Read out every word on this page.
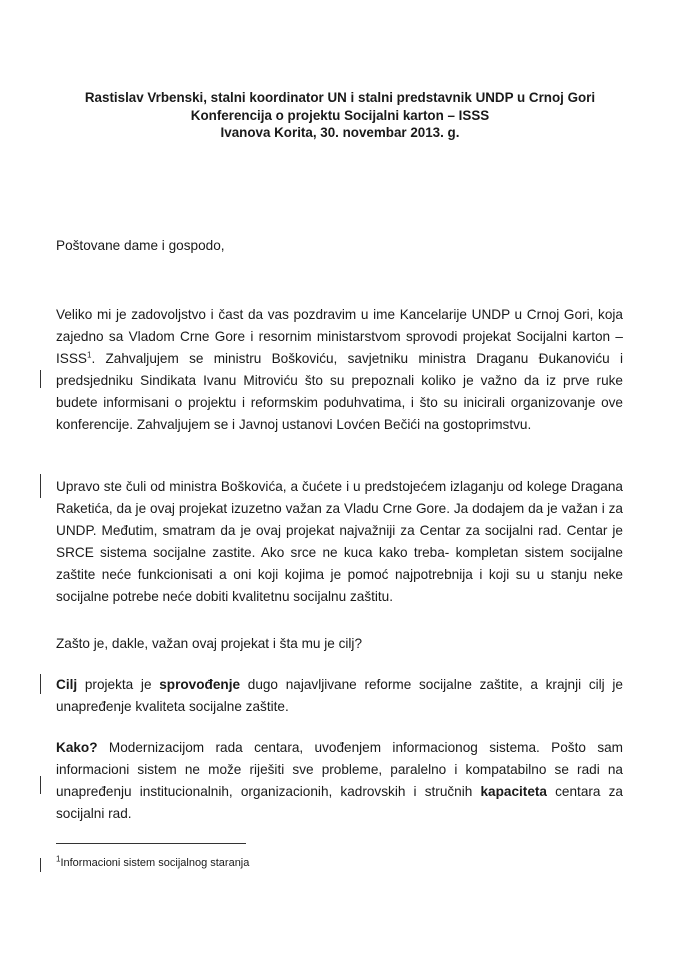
Rastislav Vrbenski, stalni koordinator UN i stalni predstavnik UNDP u Crnoj Gori
Konferencija o projektu Socijalni karton – ISSS
Ivanova Korita, 30. novembar 2013. g.
Poštovane dame i gospodo,
Veliko mi je zadovoljstvo i čast da vas pozdravim u ime Kancelarije UNDP u Crnoj Gori, koja zajedno sa Vladom Crne Gore i resornim ministarstvom sprovodi projekat Socijalni karton – ISSS$^1$. Zahvaljujem se ministru Boškoviću, savjetniku ministra Draganu Đukanoviću i predsjedniku Sindikata Ivanu Mitroviću što su prepoznali koliko je važno da iz prve ruke budete informisani o projektu i reformskim poduhvatima, i što su inicirali organizovanje ove konferencije. Zahvaljujem se i Javnoj ustanovi Lovćen Bečići na gostoprimstvu.
Upravo ste čuli od ministra Boškovića, a čućete i u predstojećem izlaganju od kolege Dragana Raketića, da je ovaj projekat izuzetno važan za Vladu Crne Gore. Ja dodajem da je važan i za UNDP. Međutim, smatram da je ovaj projekat najvažniji za Centar za socijalni rad. Centar je SRCE sistema socijalne zastite. Ako srce ne kuca kako treba- kompletan sistem socijalne zaštite neće funkcionisati a oni koji kojima je pomoć najpotrebnija i koji su u stanju neke socijalne potrebe neće dobiti kvalitetnu socijalnu zaštitu.
Zašto je, dakle, važan ovaj projekat i šta mu je cilj?
Cilj projekta je sprovođenje dugo najavljivane reforme socijalne zaštite, a krajnji cilj je unapređenje kvaliteta socijalne zaštite.
Kako? Modernizacijom rada centara, uvođenjem informacionog sistema. Pošto sam informacioni sistem ne može riješiti sve probleme, paralelno i kompatabilno se radi na unapređenju institucionalnih, organizacionih, kadrovskih i stručnih kapaciteta centara za socijalni rad.
$^1$Informacioni sistem socijalnog staranja
